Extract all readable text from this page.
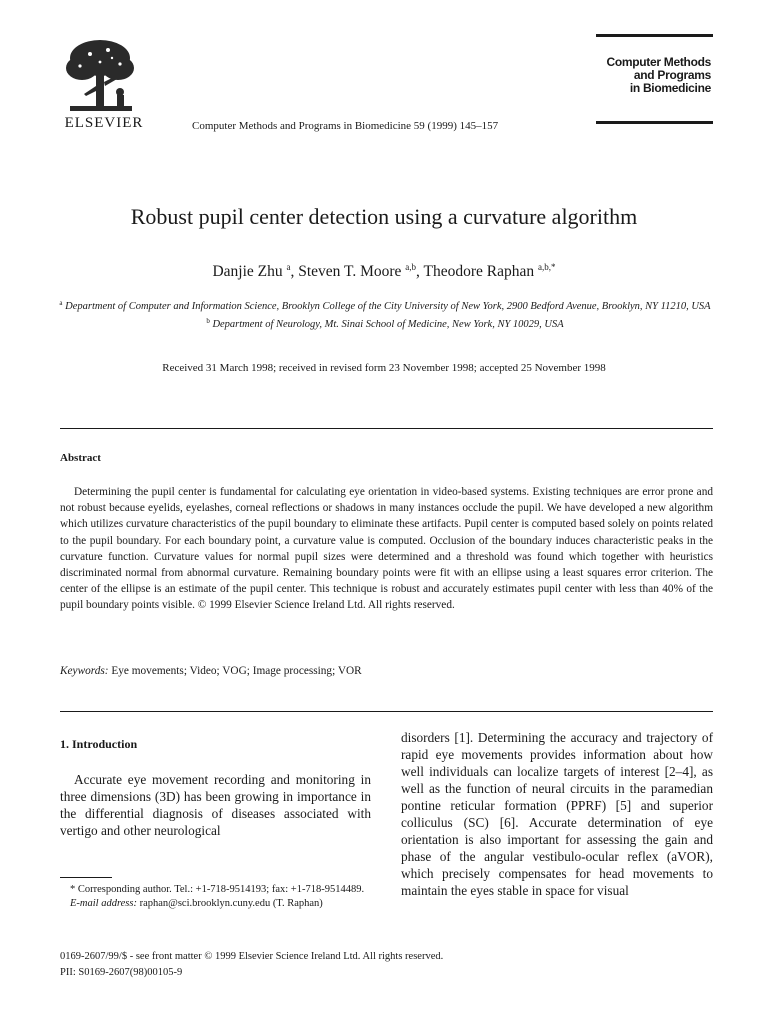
ELSEVIER	Computer Methods and Programs in Biomedicine 59 (1999) 145–157
Computer Methods
and Programs
in Biomedicine
Robust pupil center detection using a curvature algorithm
Danjie Zhu $^a$, Steven T. Moore $^{a,b}$, Theodore Raphan $^{a,b,*}$
$^a$ Department of Computer and Information Science, Brooklyn College of the City University of New York, 2900 Bedford Avenue, Brooklyn, NY 11210, USA
$^b$ Department of Neurology, Mt. Sinai School of Medicine, New York, NY 10029, USA
Received 31 March 1998; received in revised form 23 November 1998; accepted 25 November 1998
Abstract
Determining the pupil center is fundamental for calculating eye orientation in video-based systems. Existing techniques are error prone and not robust because eyelids, eyelashes, corneal reflections or shadows in many instances occlude the pupil. We have developed a new algorithm which utilizes curvature characteristics of the pupil boundary to eliminate these artifacts. Pupil center is computed based solely on points related to the pupil boundary. For each boundary point, a curvature value is computed. Occlusion of the boundary induces characteristic peaks in the curvature function. Curvature values for normal pupil sizes were determined and a threshold was found which together with heuristics discriminated normal from abnormal curvature. Remaining boundary points were fit with an ellipse using a least squares error criterion. The center of the ellipse is an estimate of the pupil center. This technique is robust and accurately estimates pupil center with less than 40% of the pupil boundary points visible. © 1999 Elsevier Science Ireland Ltd. All rights reserved.
Keywords: Eye movements; Video; VOG; Image processing; VOR
1. Introduction
Accurate eye movement recording and monitoring in three dimensions (3D) has been growing in importance in the differential diagnosis of diseases associated with vertigo and other neurological
disorders [1]. Determining the accuracy and trajectory of rapid eye movements provides information about how well individuals can localize targets of interest [2–4], as well as the function of neural circuits in the paramedian pontine reticular formation (PPRF) [5] and superior colliculus (SC) [6]. Accurate determination of eye orientation is also important for assessing the gain and phase of the angular vestibulo-ocular reflex (aVOR), which precisely compensates for head movements to maintain the eyes stable in space for visual
* Corresponding author. Tel.: +1-718-9514193; fax: +1-718-9514489.
E-mail address: raphan@sci.brooklyn.cuny.edu (T. Raphan)
0169-2607/99/$ - see front matter © 1999 Elsevier Science Ireland Ltd. All rights reserved.
PII: S0169-2607(98)00105-9
